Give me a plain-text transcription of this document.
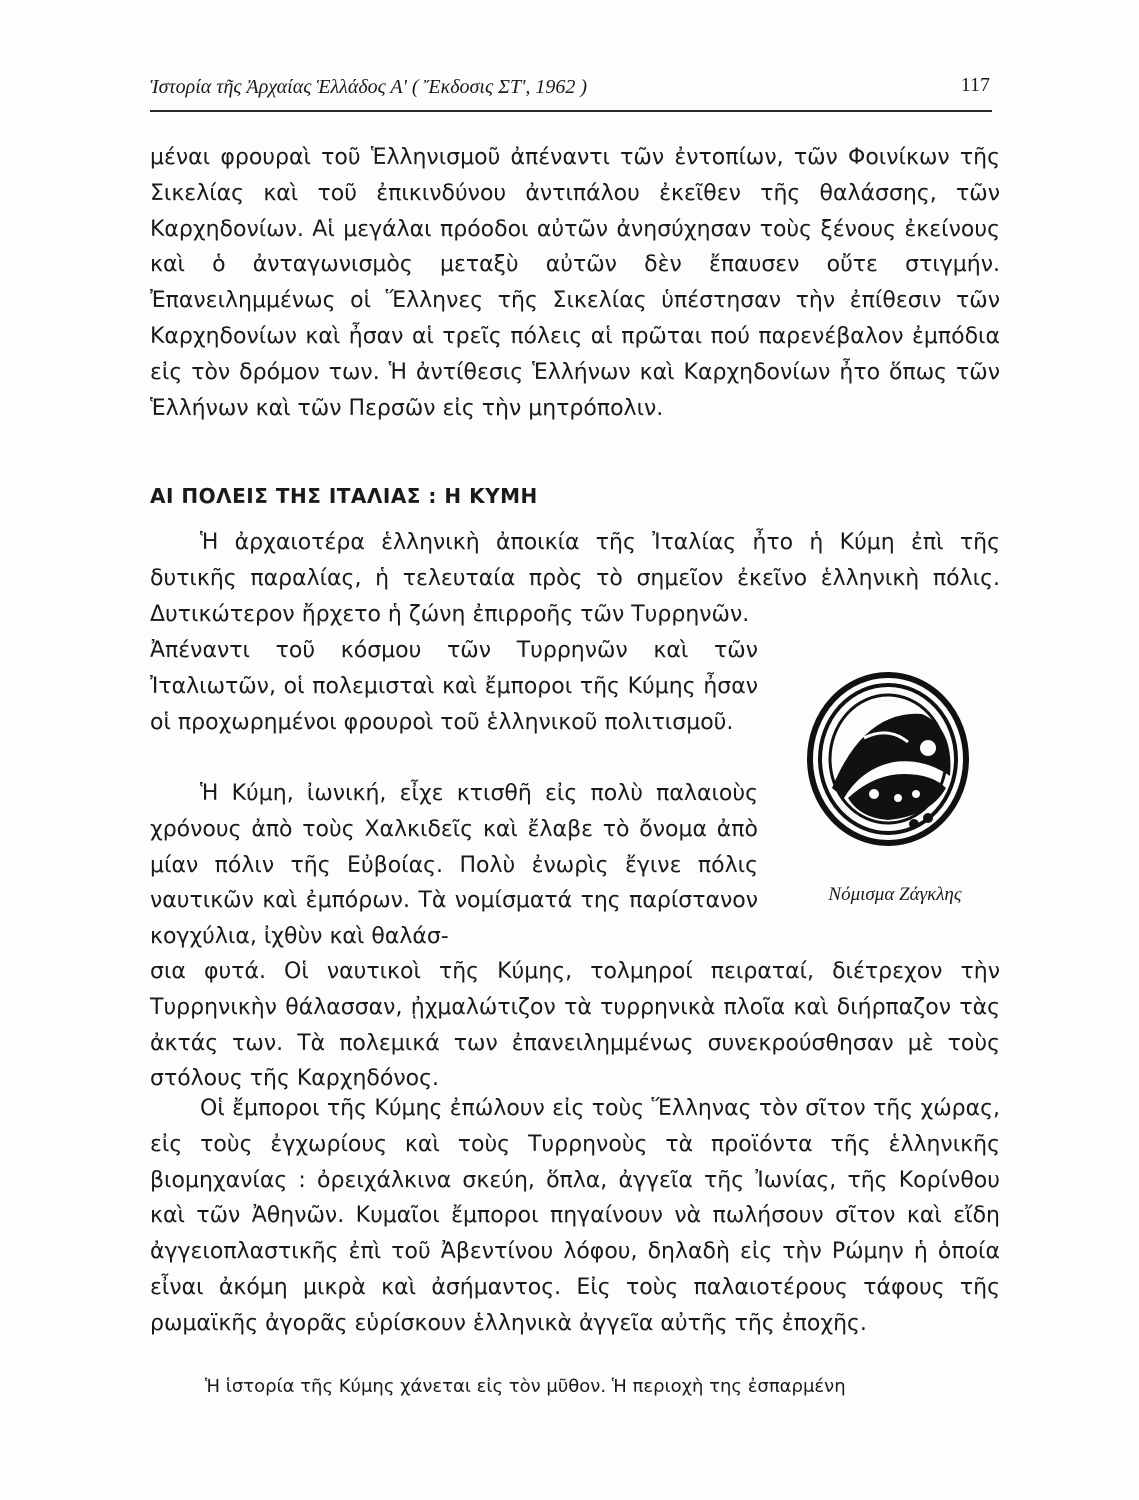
Ἱστορία τῆς Ἀρχαίας Ἑλλάδος Α' ( Ἔκδοσις ΣΤ', 1962 )	117

μέναι φρουραὶ τοῦ Ἑλληνισμοῦ ἀπέναντι τῶν ἐντοπίων, τῶν Φοινίκων τῆς Σικελίας καὶ τοῦ ἐπικινδύνου ἀντιπάλου ἐκεῖθεν τῆς θαλάσσης, τῶν Καρχηδονίων. Αἱ μεγάλαι πρόοδοι αὐτῶν ἀνησύχησαν τοὺς ξένους ἐκείνους καὶ ὁ ἀνταγωνισμὸς μεταξὺ αὐτῶν δὲν ἔπαυσεν οὔτε στιγμήν. Ἐπανειλημμένως οἱ Ἕλληνες τῆς Σικελίας ὑπέστησαν τὴν ἐπίθεσιν τῶν Καρχηδονίων καὶ ἦσαν αἱ τρεῖς πόλεις αἱ πρῶται πού παρενέβαλον ἐμπόδια εἰς τὸν δρόμον των. Ἡ ἀντίθεσις Ἑλλήνων καὶ Καρχηδονίων ἦτο ὅπως τῶν Ἑλλήνων καὶ τῶν Περσῶν εἰς τὴν μητρόπολιν.

ΑΙ ΠΟΛΕΙΣ ΤΗΣ ΙΤΑΛΙΑΣ : Η ΚΥΜΗ

Ἡ ἀρχαιοτέρα ἑλληνικὴ ἀποικία τῆς Ἰταλίας ἦτο ἡ Κύμη ἐπὶ τῆς δυτικῆς παραλίας, ἡ τελευταία πρὸς τὸ σημεῖον ἐκεῖνο ἑλληνικὴ πόλις. Δυτικώτερον ἤρχετο ἡ ζώνη ἐπιρροῆς τῶν Τυρρηνῶν.

Ἀπέναντι τοῦ κόσμου τῶν Τυρρηνῶν καὶ τῶν Ἰταλιωτῶν, οἱ πολεμισταὶ καὶ ἔμποροι τῆς Κύμης ἦσαν οἱ προχωρημένοι φρουροὶ τοῦ ἑλληνικοῦ πολιτισμοῦ.

Ἡ Κύμη, ἰωνική, εἶχε κτισθῆ εἰς πολὺ παλαιοὺς χρόνους ἀπὸ τοὺς Χαλκιδεῖς καὶ ἔλαβε τὸ ὄνομα ἀπὸ μίαν πόλιν τῆς Εὐβοίας. Πολὺ ἐνωρὶς ἔγινε πόλις ναυτικῶν καὶ ἐμπόρων. Τὰ νομίσματά της παρίστανον κογχύλια, ἰχθὺν καὶ θαλάσ-

Νόμισμα Ζάγκλης

σια φυτά. Οἱ ναυτικοὶ τῆς Κύμης, τολμηροί πειραταί, διέτρεχον τὴν Τυρρηνικὴν θάλασσαν, ᾐχμαλώτιζον τὰ τυρρηνικὰ πλοῖα καὶ διήρπαζον τὰς ἀκτάς των. Τὰ πολεμικά των ἐπανειλημμένως συνεκρούσθησαν μὲ τοὺς στόλους τῆς Καρχηδόνος.

Οἱ ἔμποροι τῆς Κύμης ἐπώλουν εἰς τοὺς Ἕλληνας τὸν σῖτον τῆς χώρας, εἰς τοὺς ἐγχωρίους καὶ τοὺς Τυρρηνοὺς τὰ προϊόντα τῆς ἑλληνικῆς βιομηχανίας : ὀρειχάλκινα σκεύη, ὅπλα, ἀγγεῖα τῆς Ἰωνίας, τῆς Κορίνθου καὶ τῶν Ἀθηνῶν. Κυμαῖοι ἔμποροι πηγαίνουν νὰ πωλήσουν σῖτον καὶ εἴδη ἀγγειοπλαστικῆς ἐπὶ τοῦ Ἀβεντίνου λόφου, δηλαδὴ εἰς τὴν Ρώμην ἡ ὁποία εἶναι ἀκόμη μικρὰ καὶ ἀσήμαντος. Εἰς τοὺς παλαιοτέρους τάφους τῆς ρωμαϊκῆς ἀγορᾶς εὑρίσκουν ἑλληνικὰ ἀγγεῖα αὐτῆς τῆς ἐποχῆς.

Ἡ ἱστορία τῆς Κύμης χάνεται εἰς τὸν μῦθον. Ἡ περιοχὴ της ἐσπαρμένη
